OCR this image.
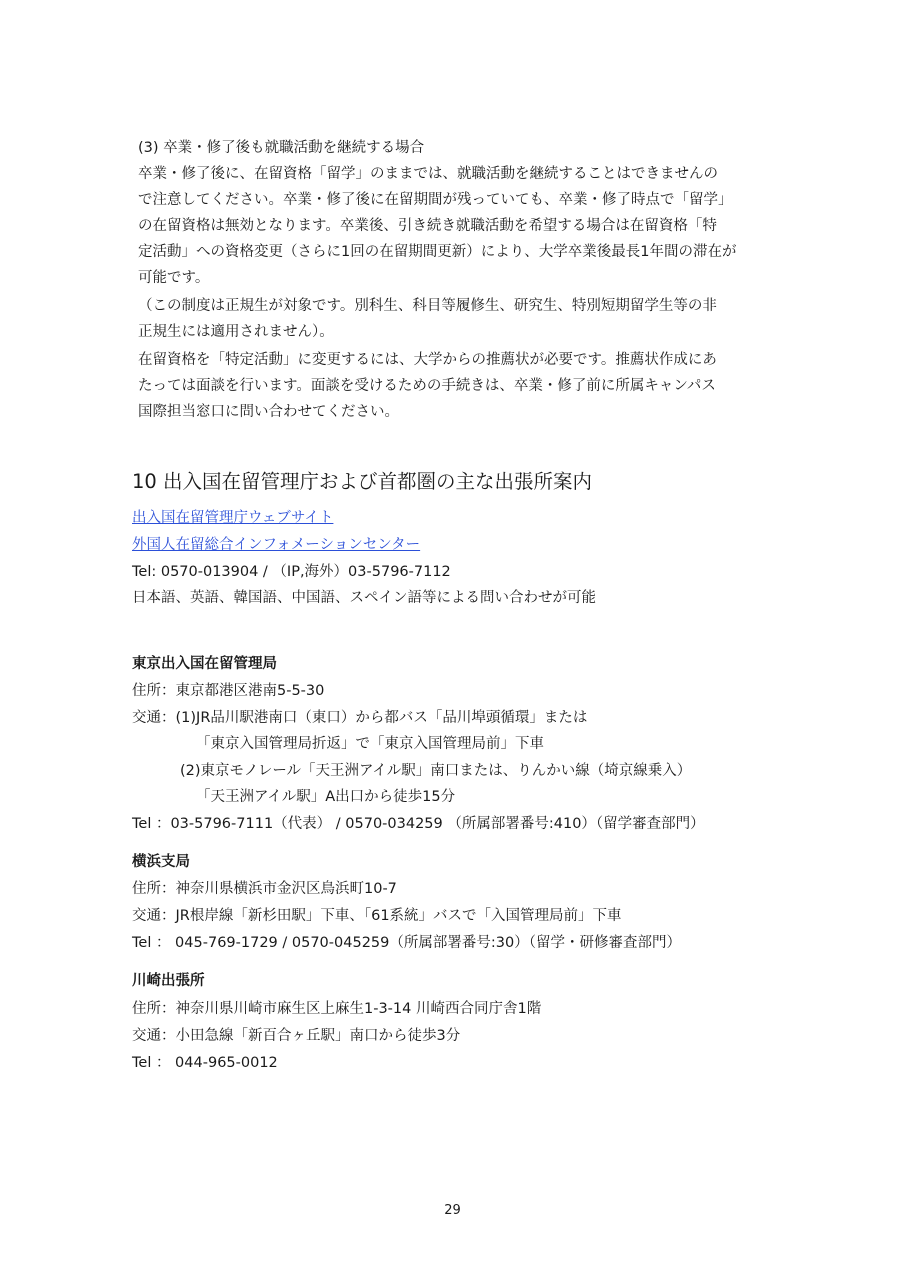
(3) 卒業・修了後も就職活動を継続する場合
卒業・修了後に、在留資格「留学」のままでは、就職活動を継続することはできませんの
で注意してください。卒業・修了後に在留期間が残っていても、卒業・修了時点で「留学」
の在留資格は無効となります。卒業後、引き続き就職活動を希望する場合は在留資格「特
定活動」への資格変更（さらに1回の在留期間更新）により、大学卒業後最長1年間の滞在が
可能です。
（この制度は正規生が対象です。別科生、科目等履修生、研究生、特別短期留学生等の非
正規生には適用されません）。
在留資格を「特定活動」に変更するには、大学からの推薦状が必要です。推薦状作成にあ
たっては面談を行います。面談を受けるための手続きは、卒業・修了前に所属キャンパス
国際担当窓口に問い合わせてください。
10 出入国在留管理庁および首都圏の主な出張所案内
出入国在留管理庁ウェブサイト
外国人在留総合インフォメーションセンター
Tel: 0570-013904 / （IP,海外）03-5796-7112
日本語、英語、韓国語、中国語、スペイン語等による問い合わせが可能
東京出入国在留管理局
住所：東京都港区港南5-5-30
交通：(1)JR品川駅港南口（東口）から都バス「品川埠頭循環」または
「東京入国管理局折返」で「東京入国管理局前」下車
(2)東京モノレール「天王洲アイル駅」南口または、りんかい線（埼京線乗入）
「天王洲アイル駅」A出口から徒歩15分
Tel ：03-5796-7111（代表） / 0570-034259 （所属部署番号:410）（留学審査部門）
横浜支局
住所：神奈川県横浜市金沢区鳥浜町10-7
交通：JR根岸線「新杉田駅」下車、「61系統」バスで「入国管理局前」下車
Tel ： 045-769-1729 / 0570-045259（所属部署番号:30）（留学・研修審査部門）
川崎出張所
住所：神奈川県川崎市麻生区上麻生1-3-14 川崎西合同庁舎1階
交通：小田急線「新百合ヶ丘駅」南口から徒歩3分
Tel ： 044-965-0012
29
